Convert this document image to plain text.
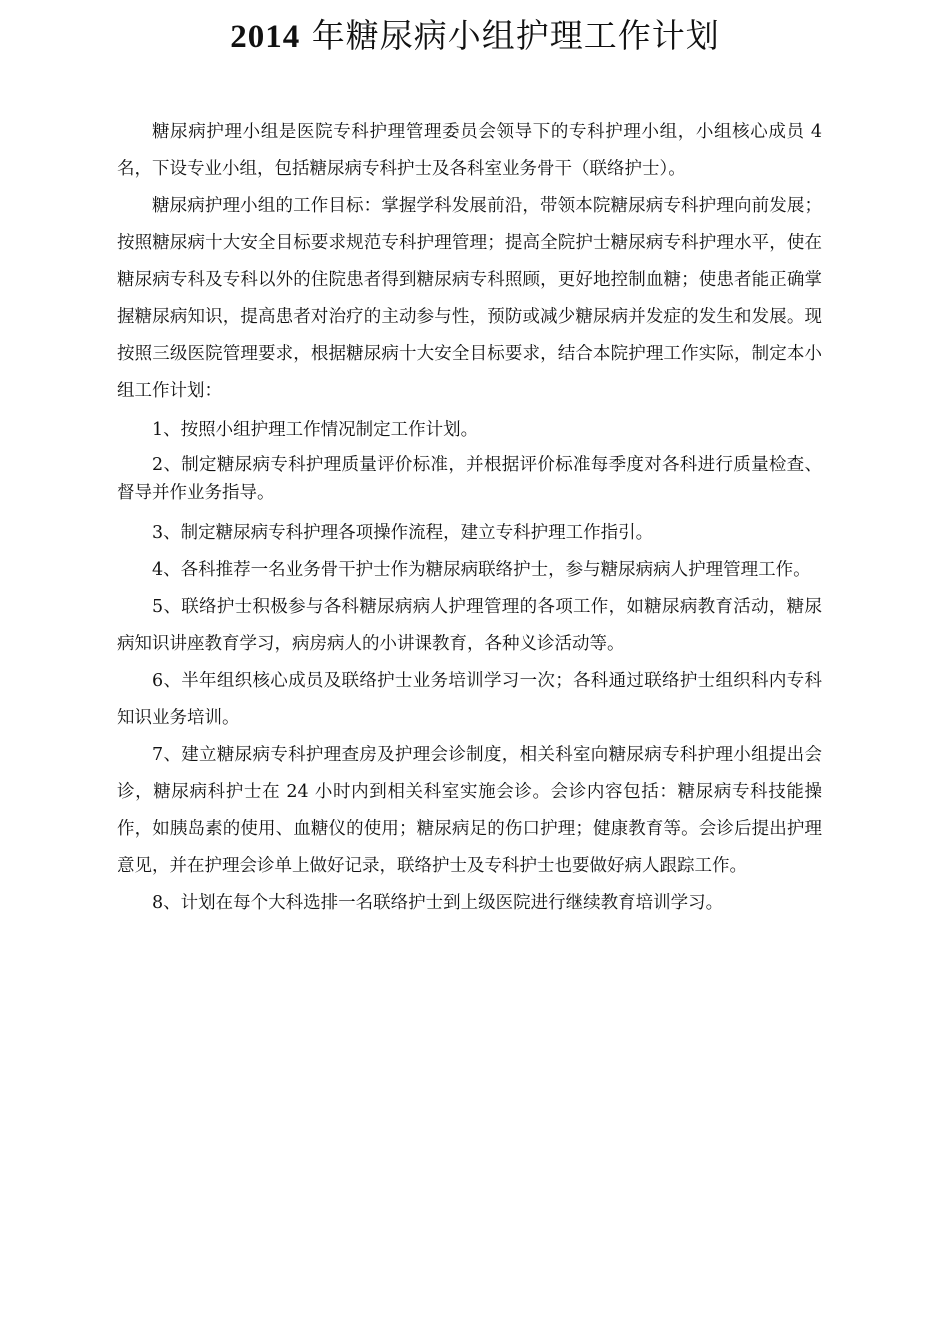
2014 年糖尿病小组护理工作计划

糖尿病护理小组是医院专科护理管理委员会领导下的专科护理小组，小组核心成员 4 名，下设专业小组，包括糖尿病专科护士及各科室业务骨干（联络护士）。

糖尿病护理小组的工作目标：掌握学科发展前沿，带领本院糖尿病专科护理向前发展；按照糖尿病十大安全目标要求规范专科护理管理；提高全院护士糖尿病专科护理水平，使在糖尿病专科及专科以外的住院患者得到糖尿病专科照顾，更好地控制血糖；使患者能正确掌握糖尿病知识，提高患者对治疗的主动参与性，预防或减少糖尿病并发症的发生和发展。现按照三级医院管理要求，根据糖尿病十大安全目标要求，结合本院护理工作实际，制定本小组工作计划：

1、按照小组护理工作情况制定工作计划。

2、制定糖尿病专科护理质量评价标准，并根据评价标准每季度对各科进行质量检查、督导并作业务指导。

3、制定糖尿病专科护理各项操作流程，建立专科护理工作指引。

4、各科推荐一名业务骨干护士作为糖尿病联络护士，参与糖尿病病人护理管理工作。

5、联络护士积极参与各科糖尿病病人护理管理的各项工作，如糖尿病教育活动，糖尿病知识讲座教育学习，病房病人的小讲课教育，各种义诊活动等。

6、半年组织核心成员及联络护士业务培训学习一次；各科通过联络护士组织科内专科知识业务培训。

7、建立糖尿病专科护理查房及护理会诊制度，相关科室向糖尿病专科护理小组提出会诊，糖尿病科护士在 24 小时内到相关科室实施会诊。会诊内容包括：糖尿病专科技能操作，如胰岛素的使用、血糖仪的使用；糖尿病足的伤口护理；健康教育等。会诊后提出护理意见，并在护理会诊单上做好记录，联络护士及专科护士也要做好病人跟踪工作。

8、计划在每个大科选排一名联络护士到上级医院进行继续教育培训学习。
